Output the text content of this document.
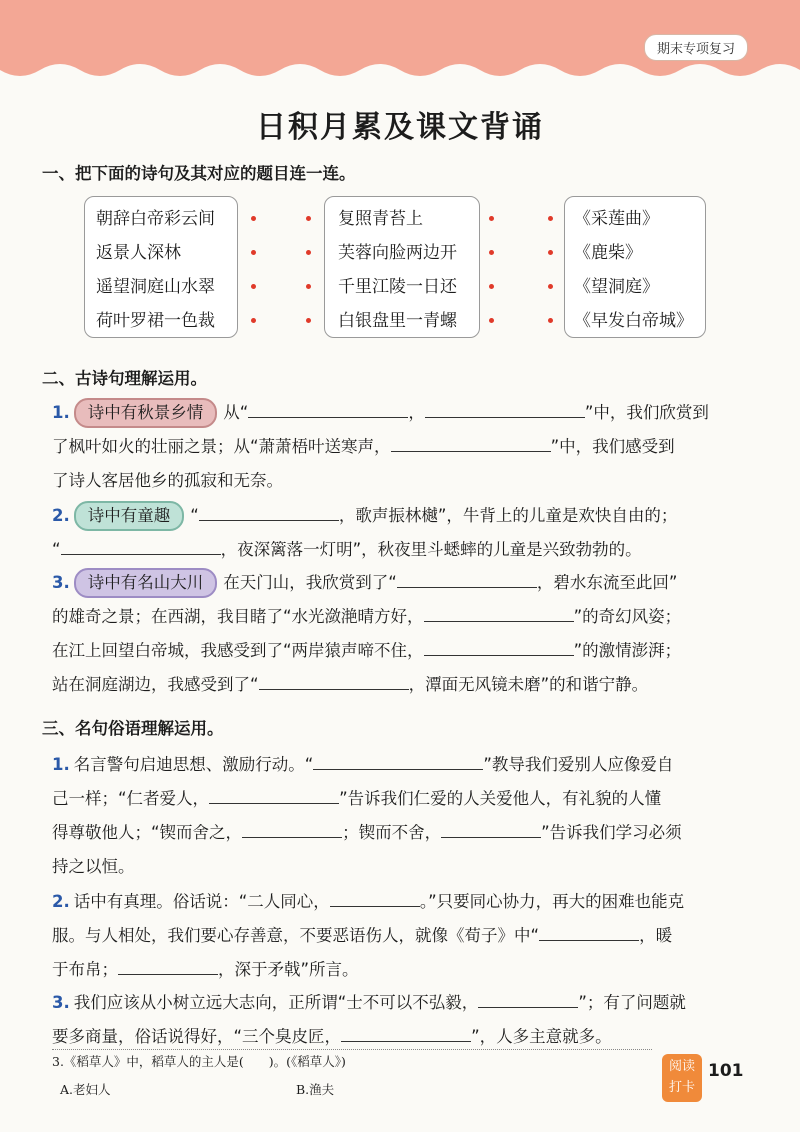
期末专项复习
日积月累及课文背诵
一、把下面的诗句及其对应的题目连一连。
朝辞白帝彩云间
返景人深林
遥望洞庭山水翠
荷叶罗裙一色裁
复照青苔上
芙蓉向脸两边开
千里江陵一日还
白银盘里一青螺
《采莲曲》
《鹿柴》
《望洞庭》
《早发白帝城》
二、古诗句理解运用。
1. 诗中有秋景乡情 从“	，	”中，我们欣赏到
了枫叶如火的壮丽之景；从“萧萧梧叶送寒声，	”中，我们感受到
了诗人客居他乡的孤寂和无奈。
2. 诗中有童趣 “	，歌声振林樾”，牛背上的儿童是欢快自由的；
“	，夜深篱落一灯明”，秋夜里斗蟋蟀的儿童是兴致勃勃的。
3. 诗中有名山大川 在天门山，我欣赏到了“	，碧水东流至此回”
的雄奇之景；在西湖，我目睹了“水光潋滟晴方好，	”的奇幻风姿；
在江上回望白帝城，我感受到了“两岸猿声啼不住，	”的激情澎湃；
站在洞庭湖边，我感受到了“	，潭面无风镜未磨”的和谐宁静。
三、名句俗语理解运用。
1. 名言警句启迪思想、激励行动。“	”教导我们爱别人应像爱自
己一样；“仁者爱人，	”告诉我们仁爱的人关爱他人，有礼貌的人懂
得尊敬他人；“锲而舍之，	；锲而不舍，	”告诉我们学习必须
持之以恒。
2. 话中有真理。俗话说：“二人同心，	。”只要同心协力，再大的困难也能克
服。与人相处，我们要心存善意，不要恶语伤人，就像《荀子》中“	，暖
于布帛；	，深于矛戟”所言。
3. 我们应该从小树立远大志向，正所谓“士不可以不弘毅，	”；有了问题就
要多商量，俗话说得好，“三个臭皮匠，	”，人多主意就多。
3.《稻草人》中，稻草人的主人是(　　)。(《稻草人》)
A.老妇人	B.渔夫
阅读
打卡
101
